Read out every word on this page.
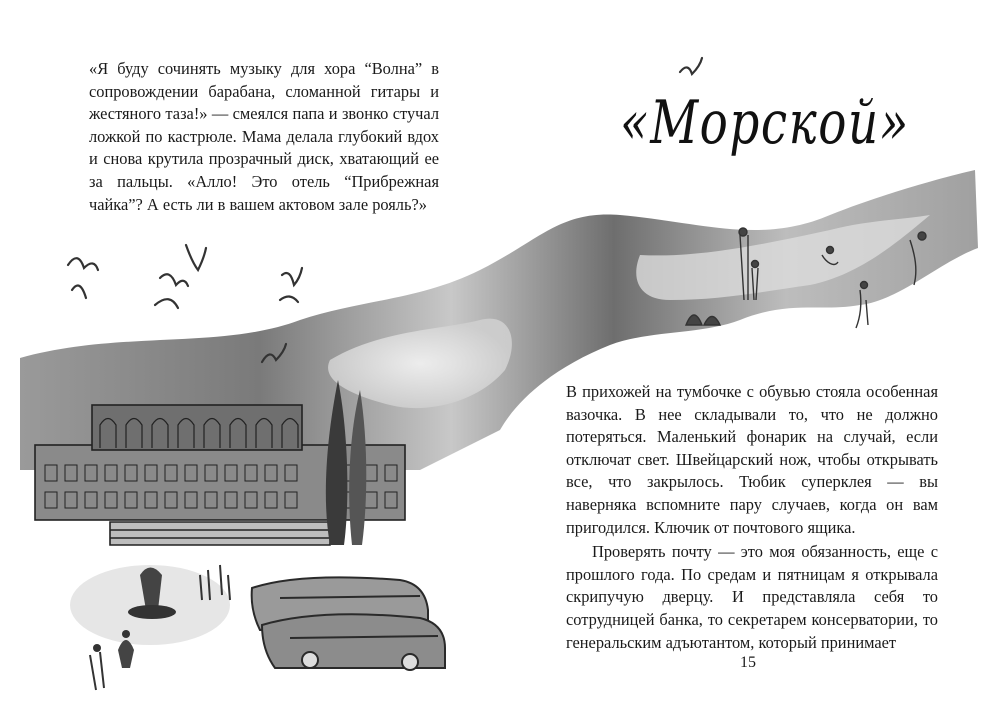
«Я буду сочинять музыку для хора “Волна” в сопровождении барабана, сломанной гитары и жестяного таза!» — смеялся папа и звонко стучал ложкой по кастрюле. Мама делала глубокий вдох и снова крутила прозрачный диск, хватающий ее за пальцы. «Алло! Это отель “Прибрежная чайка”? А есть ли в вашем актовом зале рояль?»

«Морской»

В прихожей на тумбочке с обувью стояла особенная вазочка. В нее складывали то, что не должно потеряться. Маленький фонарик на случай, если отключат свет. Швейцарский нож, чтобы открывать все, что закрылось. Тюбик суперклея — вы наверняка вспомните пару случаев, когда он вам пригодился. Ключик от почтового ящика.

Проверять почту — это моя обязанность, еще с прошлого года. По средам и пятницам я открывала скрипучую дверцу. И представляла себя то сотрудницей банка, то секретарем консерватории, то генеральским адъютантом, который принимает

15
